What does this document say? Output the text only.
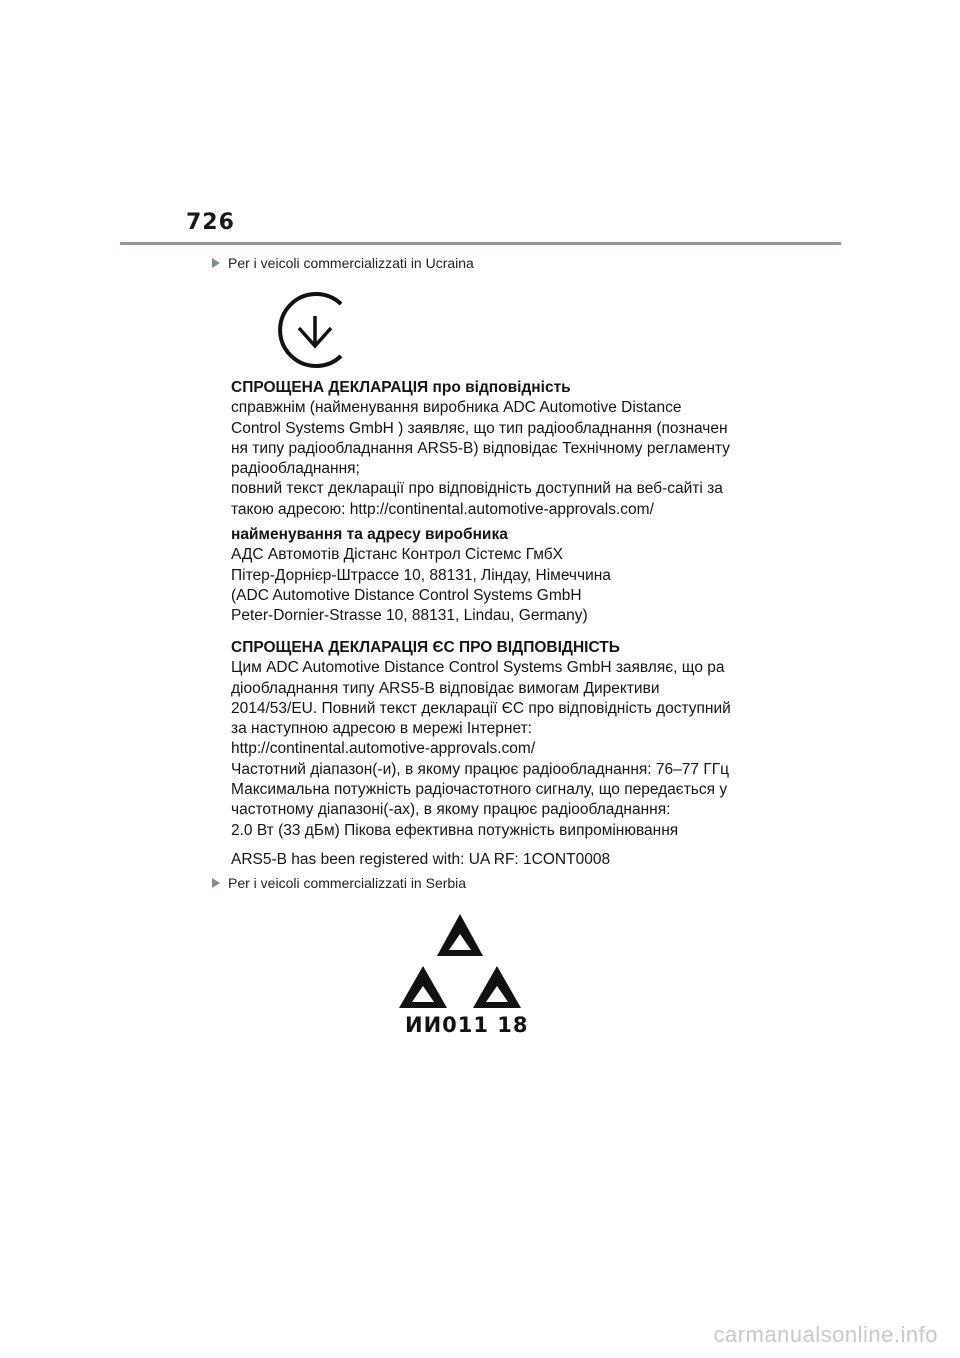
726
Per i veicoli commercializzati in Ucraina

СПРОЩЕНА ДЕКЛАРАЦІЯ про відповідність

справжнім (найменування виробника ADC Automotive Distance
Control Systems GmbH ) заявляє, що тип радіообладнання (позначен
ня типу радіообладнання ARS5-B) відповідає Технічному регламенту
радіообладнання;
повний текст декларації про відповідність доступний на веб-сайті за
такою адресою: http://continental.automotive-approvals.com/

найменування та адресу виробника

АДС Автомотів Дістанс Контрол Сістемс ГмбХ
Пітер-Дорнієр-Штрассе 10, 88131, Ліндау, Німеччина
(ADC Automotive Distance Control Systems GmbH
Peter-Dornier-Strasse 10, 88131, Lindau, Germany)

СПРОЩЕНА ДЕКЛАРАЦІЯ ЄС ПРО ВІДПОВІДНІСТЬ

Цим ADC Automotive Distance Control Systems GmbH заявляє, що ра
діообладнання типу ARS5-B відповідає вимогам Директиви
2014/53/EU. Повний текст декларації ЄС про відповідність доступний
за наступною адресою в мережі Інтернет:
http://continental.automotive-approvals.com/
Частотний діапазон(-и), в якому працює радіообладнання: 76–77 ГГц
Максимальна потужність радіочастотного сигналу, що передається у
частотному діапазоні(-ах), в якому працює радіообладнання:
2.0 Вт (33 дБм) Пікова ефективна потужність випромінювання

ARS5-B has been registered with: UA RF: 1CONT0008

Per i veicoli commercializzati in Serbia
ИИ011 18
carmanualsonline.info
